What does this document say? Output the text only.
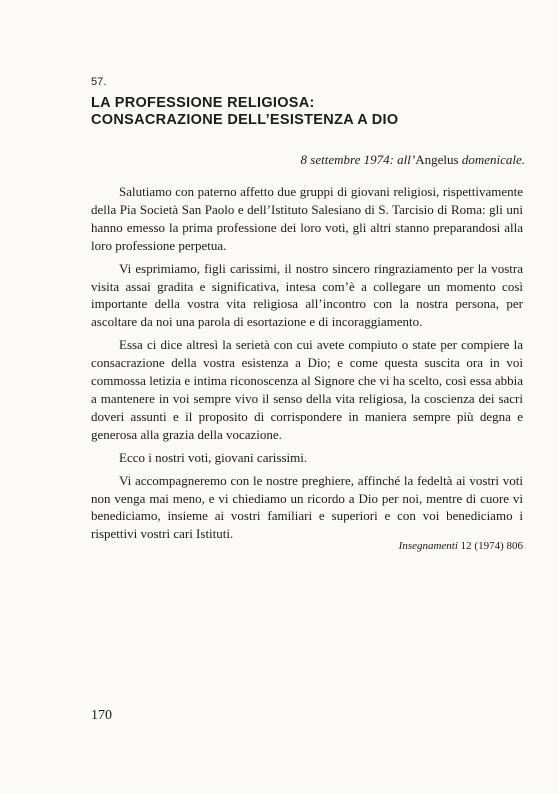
57.
LA PROFESSIONE RELIGIOSA:
CONSACRAZIONE DELL’ESISTENZA A DIO
8 settembre 1974: all’Angelus domenicale.

Salutiamo con paterno affetto due gruppi di giovani religiosi, rispettivamente della Pia Società San Paolo e dell’Istituto Salesiano di S. Tarcisio di Roma: gli uni hanno emesso la prima professione dei loro voti, gli altri stanno preparandosi alla loro professione perpetua.

Vi esprimiamo, figli carissimi, il nostro sincero ringraziamento per la vostra visita assai gradita e significativa, intesa com’è a collegare un momento così importante della vostra vita religiosa all’incontro con la nostra persona, per ascoltare da noi una parola di esortazione e di incoraggiamento.

Essa ci dice altresì la serietà con cui avete compiuto o state per compiere la consacrazione della vostra esistenza a Dio; e come questa suscita ora in voi commossa letizia e intima riconoscenza al Signore che vi ha scelto, così essa abbia a mantenere in voi sempre vivo il senso della vita religiosa, la coscienza dei sacri doveri assunti e il proposito di corrispondere in maniera sempre più degna e generosa alla grazia della vocazione.

Ecco i nostri voti, giovani carissimi.

Vi accompagneremo con le nostre preghiere, affinché la fedeltà ai vostri voti non venga mai meno, e vi chiediamo un ricordo a Dio per noi, mentre di cuore vi benediciamo, insieme ai vostri familiari e superiori e con voi benediciamo i rispettivi vostri cari Istituti.

Insegnamenti 12 (1974) 806
170
